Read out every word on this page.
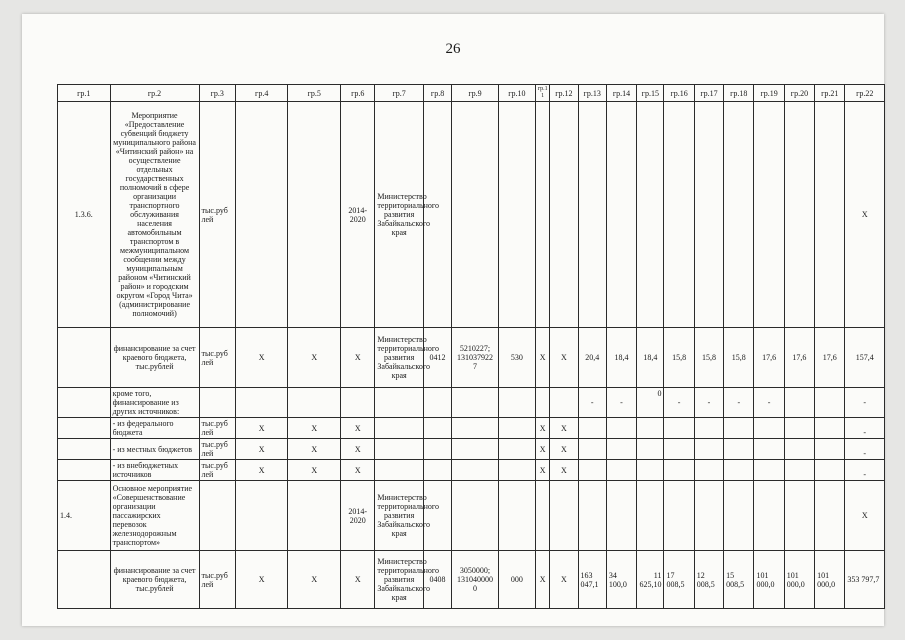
26
гр.1	гр.2	гр.3	гр.4	гр.5	гр.6	гр.7	гр.8	гр.9	гр.10	гр.1 1	гр.12	гр.13	гр.14	гр.15	гр.16	гр.17	гр.18	гр.19	гр.20	гр.21	гр.22
1.3.6.	Мероприятие «Предоставление субвенций бюджету муниципального района «Читинский район» на осуществление отдельных государственных полномочий в сфере организации транспортного обслуживания населения автомобильным транспортом в межмуниципальном сообщении между муниципальным районом «Читинский район» и городским округом «Город Чита» (администрирование полномочий)	тыс.руб лей			2014-2020	Министерство территориального развития Забайкальского края															Х
	финансирование за счет краевого бюджета, тыс.рублей	тыс.руб лей	Х	Х	Х	Министерство территориального развития Забайкальского края	0412	5210227; 131037922 7	530	Х	Х	20,4	18,4	18,4	15,8	15,8	15,8	17,6	17,6	17,6	157,4
	кроме того, финансирование из других источников:											-	-	0	-	-	-	-			-
	- из федерального бюджета	тыс.руб лей	Х	Х	Х					Х	Х										-
	- из местных бюджетов	тыс.руб лей	Х	Х	Х					Х	Х										-
	- из внебюджетных источников	тыс.руб лей	Х	Х	Х					Х	Х										-
1.4.	Основное мероприятие «Совершенствование организации пассажирских перевозок железнодорожным транспортом»				2014-2020	Министерство территориального развития Забайкальского края															Х
	финансирование за счет краевого бюджета, тыс.рублей	тыс.руб лей	Х	Х	Х	Министерство территориального развития Забайкальского края	0408	3050000; 131040000 0	000	Х	Х	163 047,1	34 100,0	11 625,10	17 008,5	12 008,5	15 008,5	101 000,0	101 000,0	101 000,0	353 797,7
